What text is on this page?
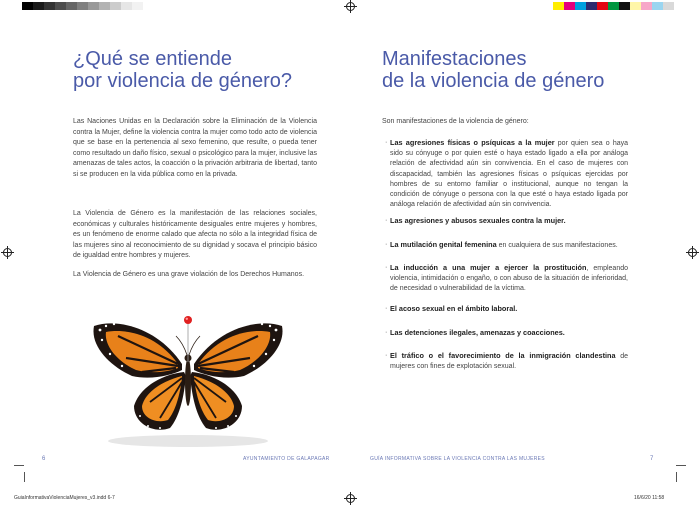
¿Qué se entiende
por violencia de género?

Las Naciones Unidas en la Declaración sobre la Eliminación de la Violencia contra la Mujer, define la violencia contra la mujer como todo acto de violencia que se base en la pertenencia al sexo femenino, que resulte, o pueda tener como resultado un daño físico, sexual o psicológico para la mujer, inclusive las amenazas de tales actos, la coacción o la privación arbitraria de libertad, tanto si se producen en la vida pública como en la privada.

La Violencia de Género es la manifestación de las relaciones sociales, económicas y culturales históricamente desiguales entre mujeres y hombres, es un fenómeno de enorme calado que afecta no sólo a la integridad física de las mujeres sino al reconocimiento de su dignidad y socava el principio básico de igualdad entre hombres y mujeres.

La Violencia de Género es una grave violación de los Derechos Humanos.

6	AYUNTAMIENTO DE GALAPAGAR
Manifestaciones
de la violencia de género

Son manifestaciones de la violencia de género:

· Las agresiones físicas o psíquicas a la mujer por quien sea o haya sido su cónyuge o por quien esté o haya estado ligado a ella por análoga relación de afectividad aún sin convivencia. En el caso de mujeres con discapacidad, también las agresiones físicas o psíquicas ejercidas por hombres de su entorno familiar o institucional, aunque no tengan la condición de cónyuge o persona con la que esté o haya estado ligada por análoga relación de afectividad aún sin convivencia.

· Las agresiones y abusos sexuales contra la mujer.

· La mutilación genital femenina en cualquiera de sus manifestaciones.

· La inducción a una mujer a ejercer la prostitución, empleando violencia, intimidación o engaño, o con abuso de la situación de inferioridad, de necesidad o vulnerabilidad de la víctima.

· El acoso sexual en el ámbito laboral.

· Las detenciones ilegales, amenazas y coacciones.

· El tráfico o el favorecimiento de la inmigración clandestina de mujeres con fines de explotación sexual.

GUÍA INFORMATIVA SOBRE LA VIOLENCIA CONTRA LAS MUJERES	7
GuiaInformativaViolenciaMujeres_v3.indd 6-7	16/6/20 11:58
